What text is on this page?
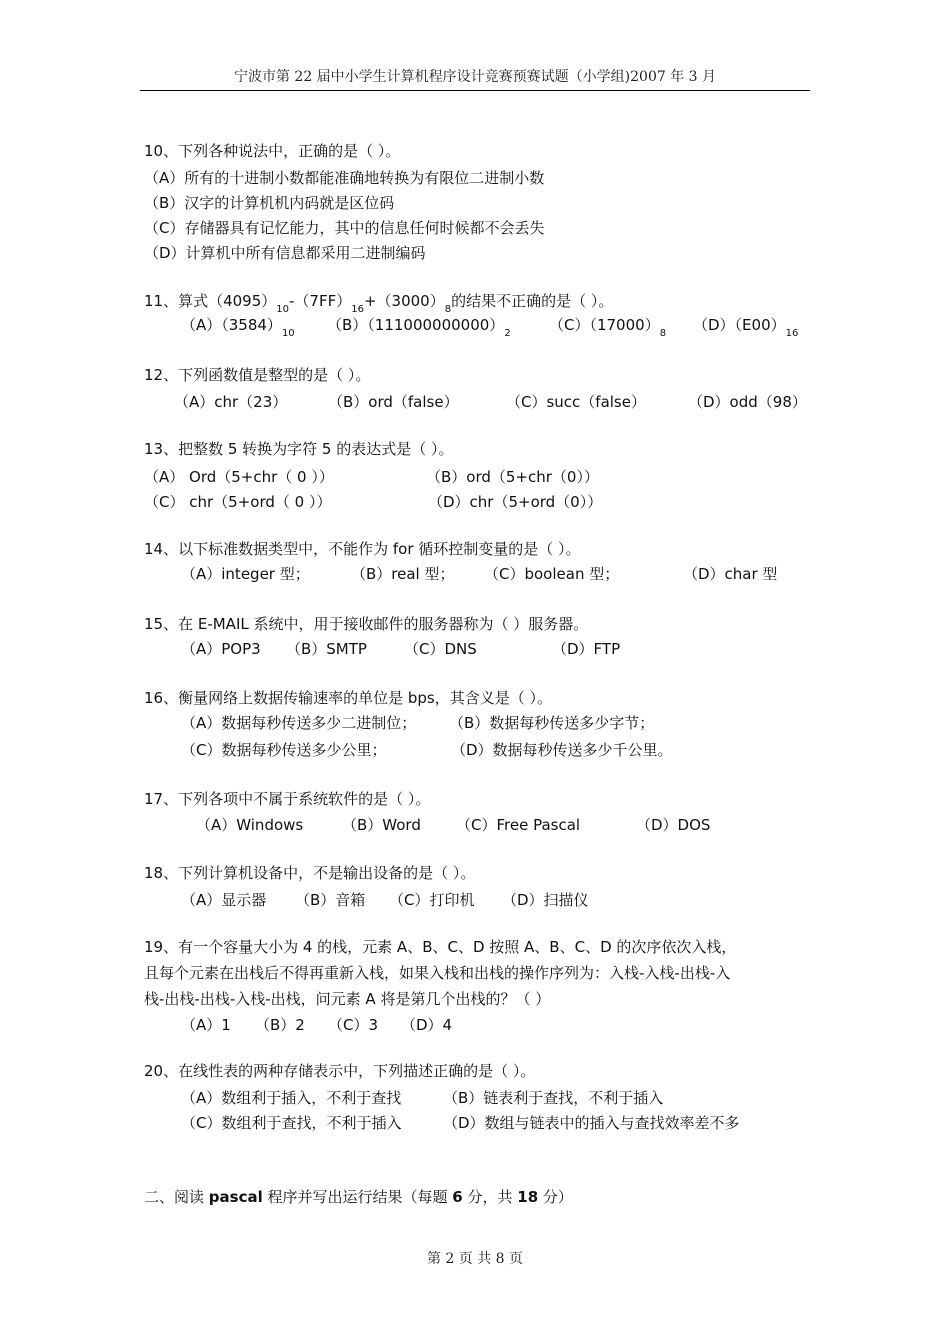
宁波市第 22 届中小学生计算机程序设计竞赛预赛试题（小学组)2007 年 3 月
10、下列各种说法中，正确的是（ ）。
（A）所有的十进制小数都能准确地转换为有限位二进制小数
（B）汉字的计算机机内码就是区位码
（C）存储器具有记忆能力，其中的信息任何时候都不会丢失
（D）计算机中所有信息都采用二进制编码
11、算式$(4095)_{10}-(7FF)_{16}+(3000)_8$的结果不正确的是（ ）。
$(A)(3584)_{10}$ $(B)(111000000000)_2$	$(C)(17000)_8$ $(D)(E00)_{16}$
12、下列函数值是整型的是（ ）。
（A）chr（23）	（B）ord（false）	（C）succ（false）	（D）odd（98）
13、把整数 5 转换为字符 5 的表达式是（ ）。
（A） Ord（5+chr（ 0 ））	（B）ord（5+chr（0））
（C） chr（5+ord（ 0 ））	（D）chr（5+ord（0））
14、以下标准数据类型中，不能作为 for 循环控制变量的是（ ）。
（A）integer 型；	（B）real 型； （C）boolean 型；	（D）char 型
15、在 E-MAIL 系统中，用于接收邮件的服务器称为（ ）服务器。
（A）POP3 （B）SMTP （C）DNS	（D）FTP
16、衡量网络上数据传输速率的单位是 bps，其含义是（ ）。
（A）数据每秒传送多少二进制位； （B）数据每秒传送多少字节；
（C）数据每秒传送多少公里；	（D）数据每秒传送多少千公里。
17、下列各项中不属于系统软件的是（ ）。
（A）Windows	（B）Word （C）Free Pascal	（D）DOS
18、下列计算机设备中，不是输出设备的是（ ）。
（A）显示器 （B）音箱 （C）打印机 （D）扫描仪
19、有一个容量大小为 4 的栈，元素 A、B、C、D 按照 A、B、C、D 的次序依次入栈，
且每个元素在出栈后不得再重新入栈，如果入栈和出栈的操作序列为：入栈-入栈-出栈-入
栈-出栈-出栈-入栈-出栈，问元素 A 将是第几个出栈的？（ ）
（A）1 （B）2 （C）3 （D）4
20、在线性表的两种存储表示中，下列描述正确的是（ ）。
（A）数组利于插入，不利于查找	（B）链表利于查找，不利于插入
（C）数组利于查找，不利于插入	（D）数组与链表中的插入与查找效率差不多
二、阅读 pascal 程序并写出运行结果（每题 6 分，共 18 分）
第 2 页 共 8 页
